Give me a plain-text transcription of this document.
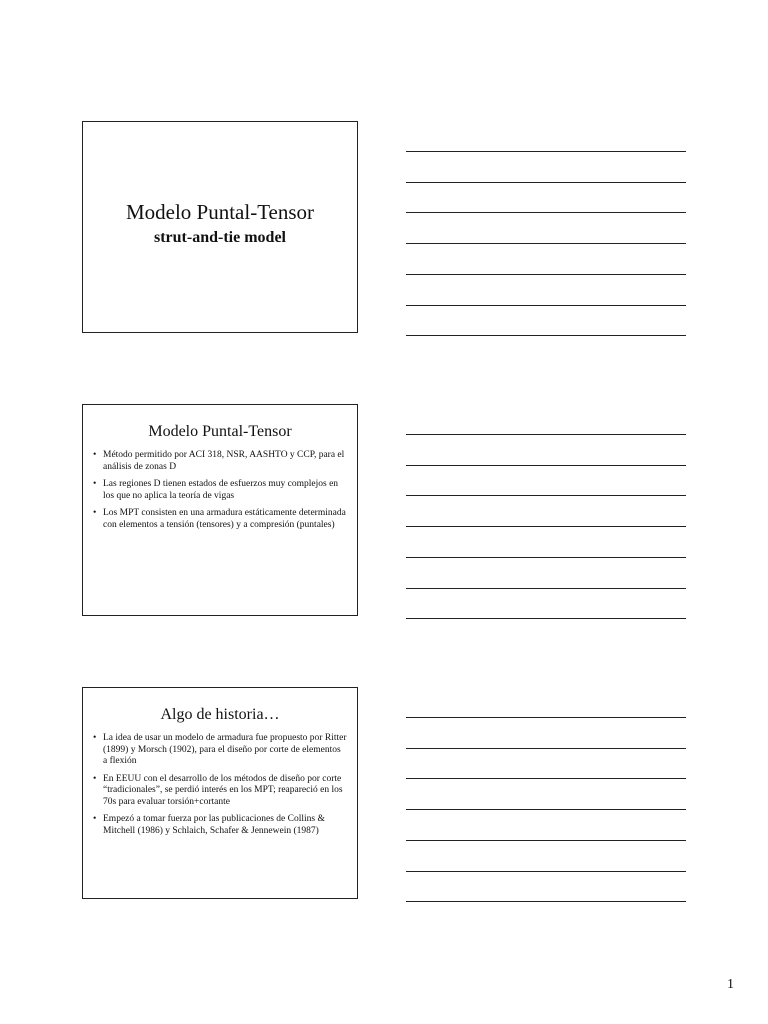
Modelo Puntal-Tensor
strut-and-tie model
Modelo Puntal-Tensor
• Método permitido por ACI 318, NSR, AASHTO y CCP, para el análisis de zonas D
• Las regiones D tienen estados de esfuerzos muy complejos en los que no aplica la teoría de vigas
• Los MPT consisten en una armadura estáticamente determinada con elementos a tensión (tensores) y a compresión (puntales)
Algo de historia…
• La idea de usar un modelo de armadura fue propuesto por Ritter (1899) y Morsch (1902), para el diseño por corte de elementos a flexión
• En EEUU con el desarrollo de los métodos de diseño por corte “tradicionales”, se perdió interés en los MPT; reapareció en los 70s para evaluar torsión+cortante
• Empezó a tomar fuerza por las publicaciones de Collins & Mitchell (1986) y Schlaich, Schafer & Jennewein (1987)
1
